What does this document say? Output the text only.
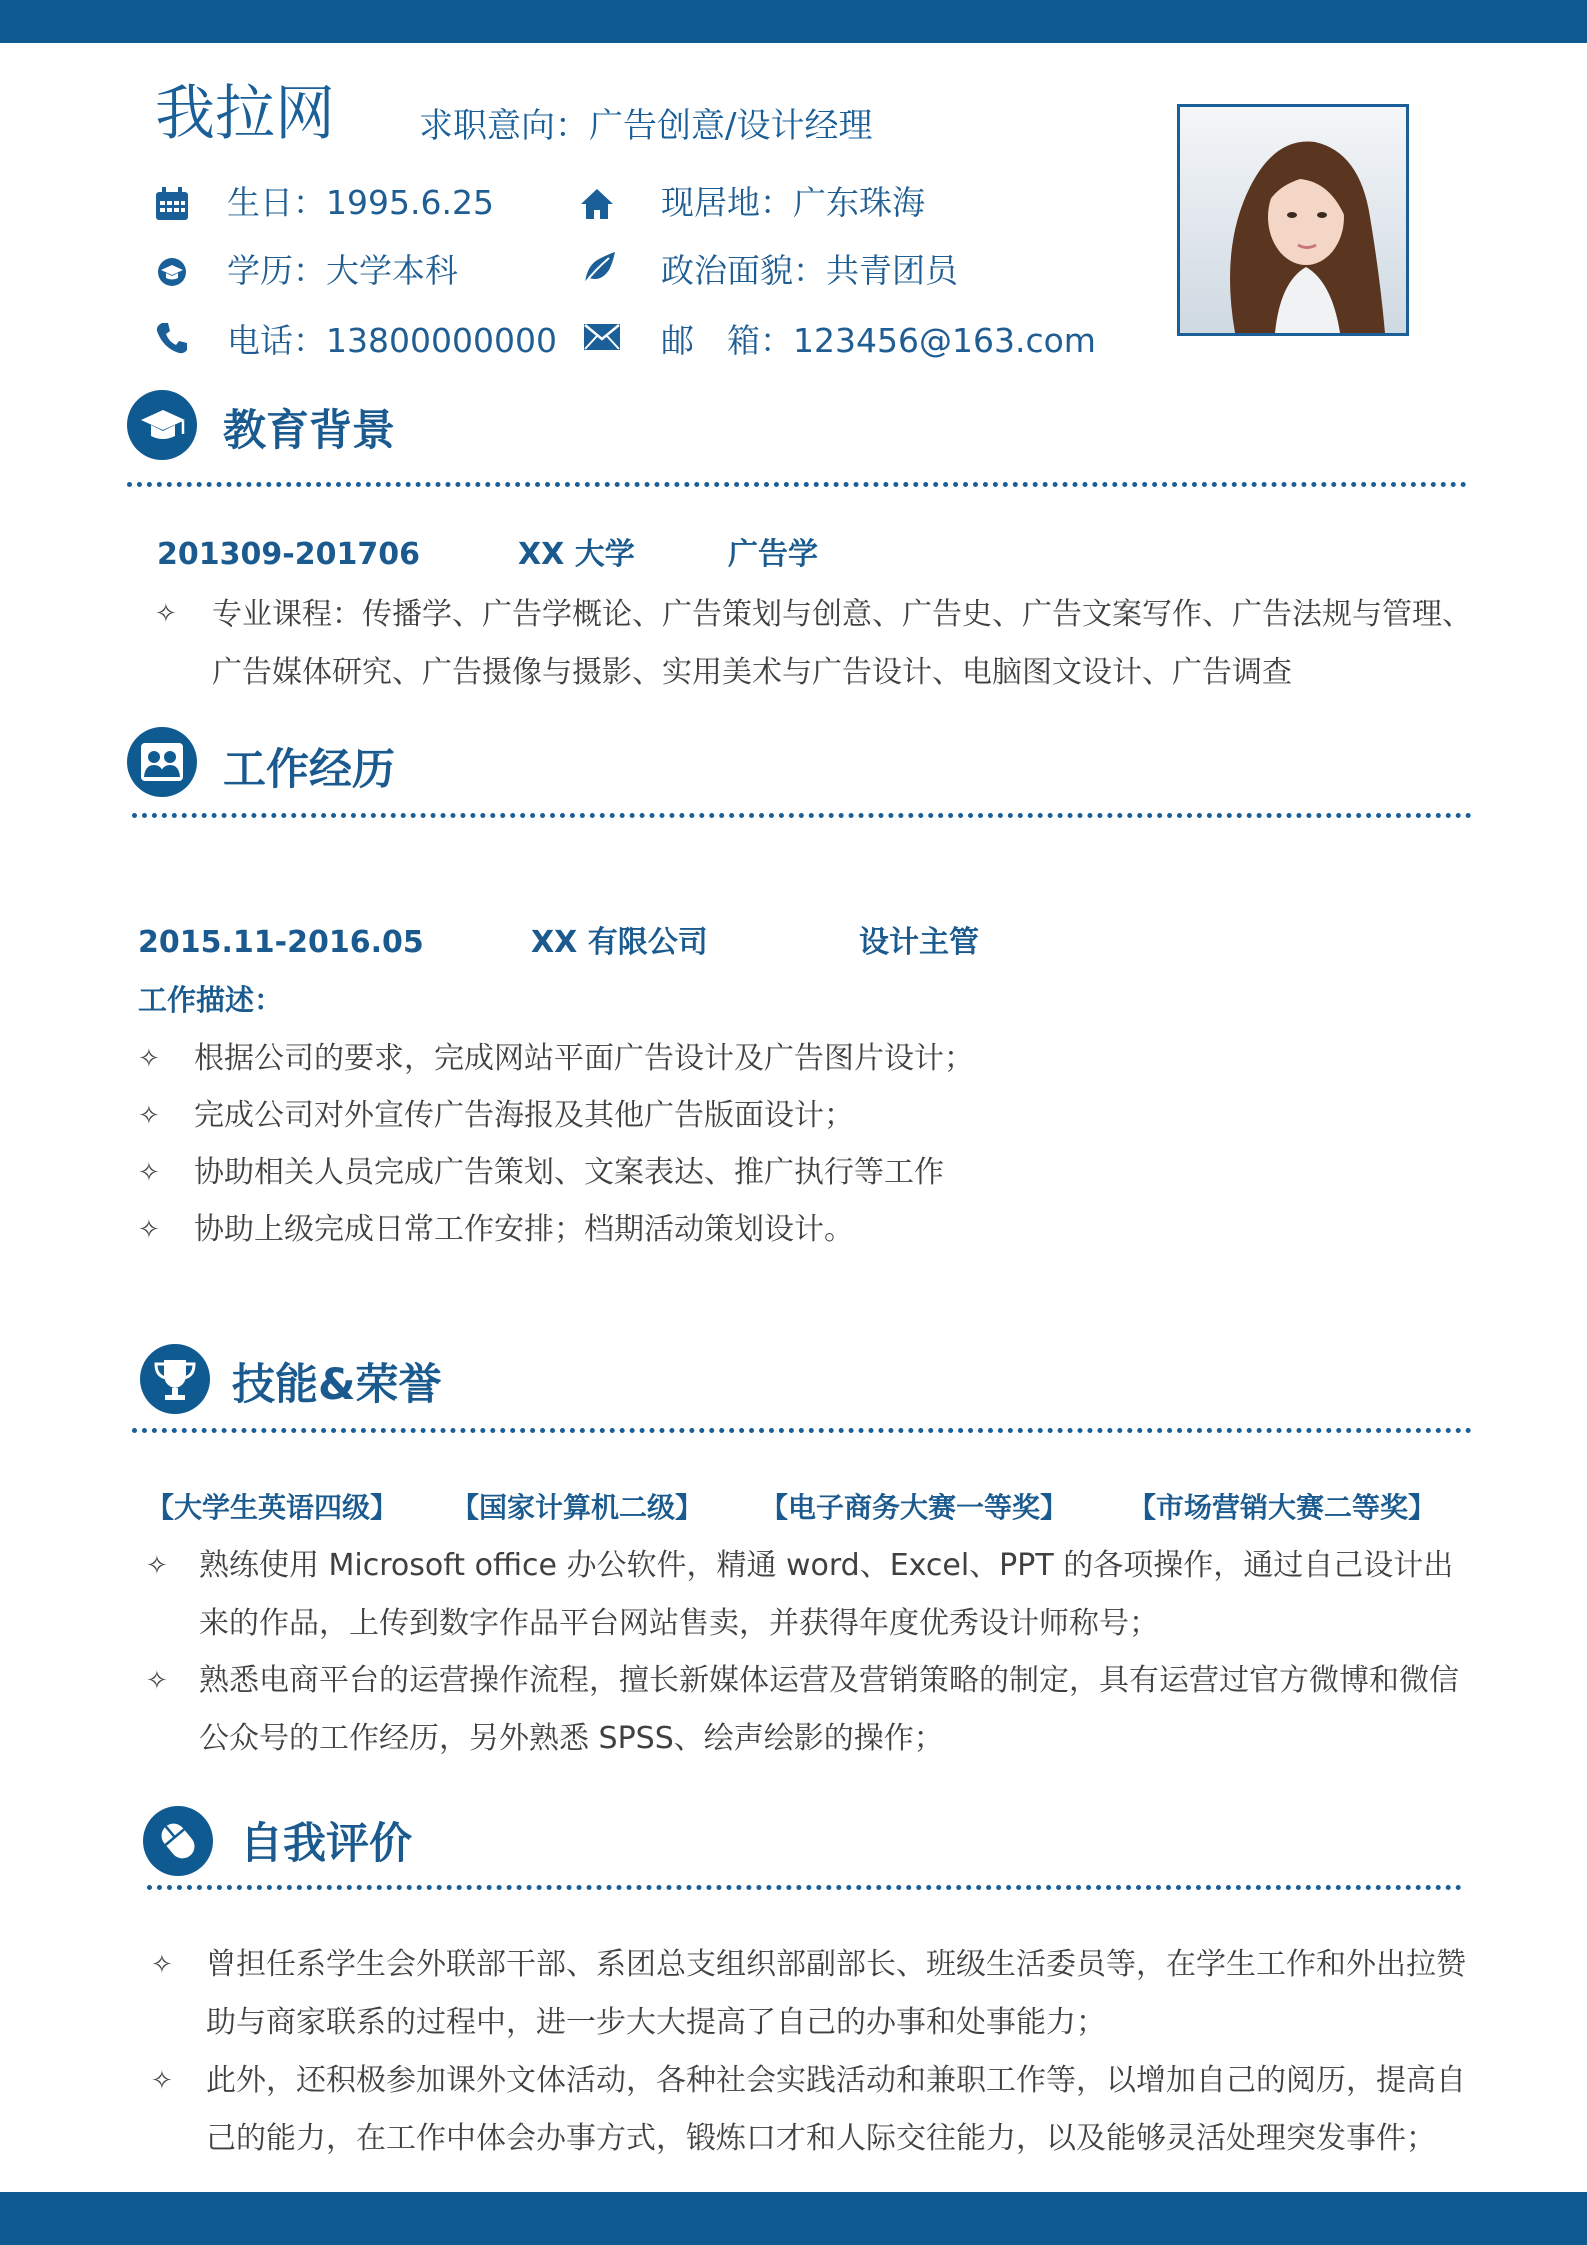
我拉网 求职意向：广告创意/设计经理
生日：1995.6.25	现居地：广东珠海
学历：大学本科	政治面貌：共青团员
电话：13800000000	邮　箱：123456@163.com
教育背景
201309-201706	XX 大学	广告学
✧ 专业课程：传播学、广告学概论、广告策划与创意、广告史、广告文案写作、广告法规与管理、广告媒体研究、广告摄像与摄影、实用美术与广告设计、电脑图文设计、广告调查
工作经历
2015.11-2016.05	XX 有限公司	设计主管
工作描述：
✧ 根据公司的要求，完成网站平面广告设计及广告图片设计；
✧ 完成公司对外宣传广告海报及其他广告版面设计；
✧ 协助相关人员完成广告策划、文案表达、推广执行等工作
✧ 协助上级完成日常工作安排；档期活动策划设计。
技能&荣誉
【大学生英语四级】 【国家计算机二级】 【电子商务大赛一等奖】 【市场营销大赛二等奖】
✧ 熟练使用 Microsoft office 办公软件，精通 word、Excel、PPT 的各项操作，通过自己设计出来的作品，上传到数字作品平台网站售卖，并获得年度优秀设计师称号；
✧ 熟悉电商平台的运营操作流程，擅长新媒体运营及营销策略的制定，具有运营过官方微博和微信公众号的工作经历，另外熟悉 SPSS、绘声绘影的操作；
自我评价
✧ 曾担任系学生会外联部干部、系团总支组织部副部长、班级生活委员等，在学生工作和外出拉赞助与商家联系的过程中，进一步大大提高了自己的办事和处事能力；
✧ 此外，还积极参加课外文体活动，各种社会实践活动和兼职工作等，以增加自己的阅历，提高自己的能力，在工作中体会办事方式，锻炼口才和人际交往能力，以及能够灵活处理突发事件；
